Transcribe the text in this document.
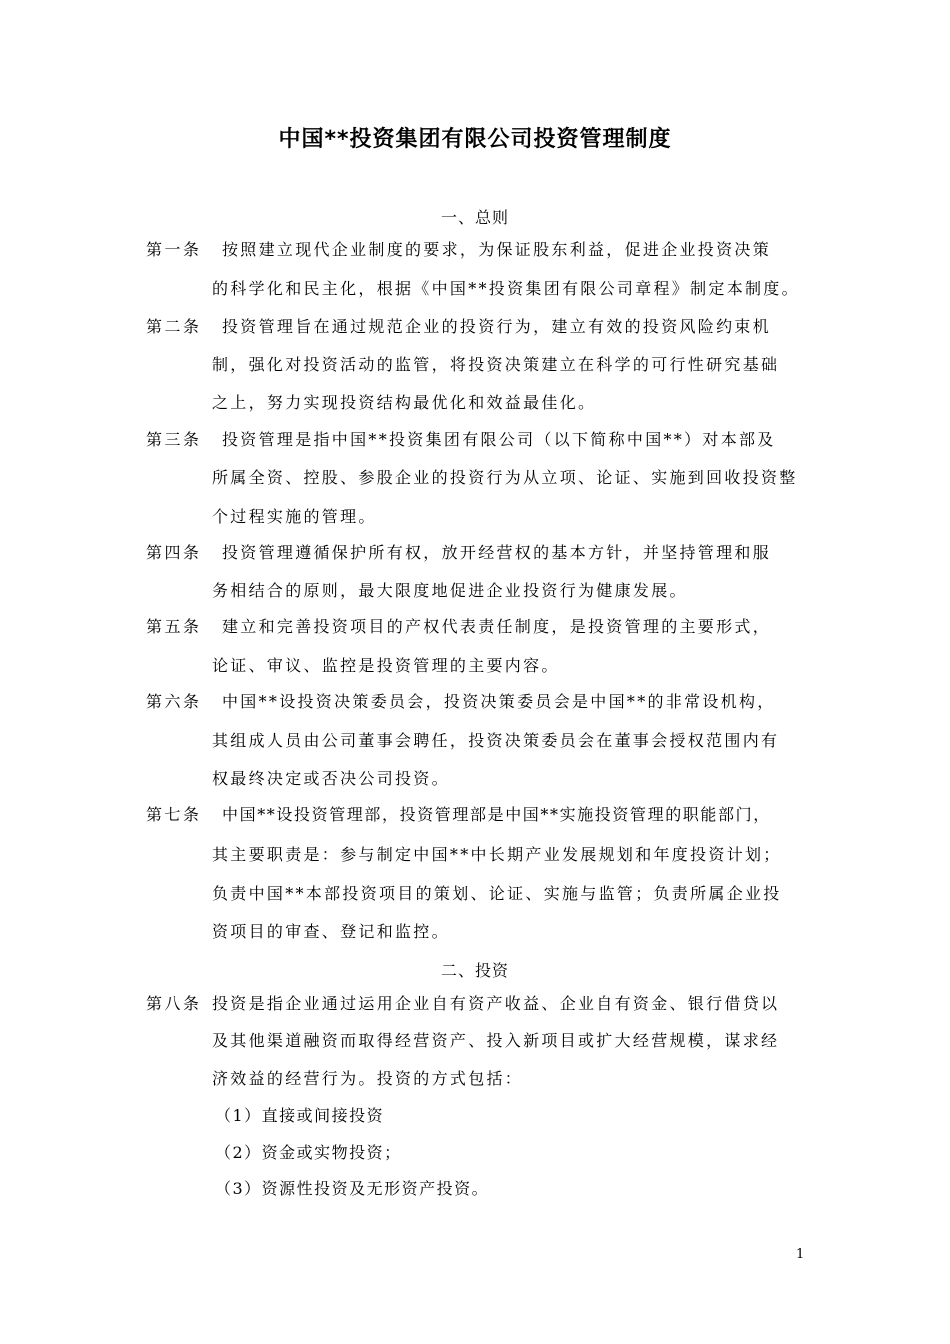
中国**投资集团有限公司投资管理制度
一、总则
第一条 按照建立现代企业制度的要求，为保证股东利益，促进企业投资决策
的科学化和民主化，根据《中国**投资集团有限公司章程》制定本制度。
第二条 投资管理旨在通过规范企业的投资行为，建立有效的投资风险约束机
制，强化对投资活动的监管，将投资决策建立在科学的可行性研究基础
之上，努力实现投资结构最优化和效益最佳化。
第三条 投资管理是指中国**投资集团有限公司（以下简称中国**）对本部及
所属全资、控股、参股企业的投资行为从立项、论证、实施到回收投资整
个过程实施的管理。
第四条 投资管理遵循保护所有权，放开经营权的基本方针，并坚持管理和服
务相结合的原则，最大限度地促进企业投资行为健康发展。
第五条 建立和完善投资项目的产权代表责任制度，是投资管理的主要形式，
论证、审议、监控是投资管理的主要内容。
第六条 中国**设投资决策委员会，投资决策委员会是中国**的非常设机构，
其组成人员由公司董事会聘任，投资决策委员会在董事会授权范围内有
权最终决定或否决公司投资。
第七条 中国**设投资管理部，投资管理部是中国**实施投资管理的职能部门，
其主要职责是：参与制定中国**中长期产业发展规划和年度投资计划；
负责中国**本部投资项目的策划、论证、实施与监管；负责所属企业投
资项目的审查、登记和监控。
二、投资
第八条 投资是指企业通过运用企业自有资产收益、企业自有资金、银行借贷以
及其他渠道融资而取得经营资产、投入新项目或扩大经营规模，谋求经
济效益的经营行为。投资的方式包括：
（1）直接或间接投资
（2）资金或实物投资；
（3）资源性投资及无形资产投资。
1
